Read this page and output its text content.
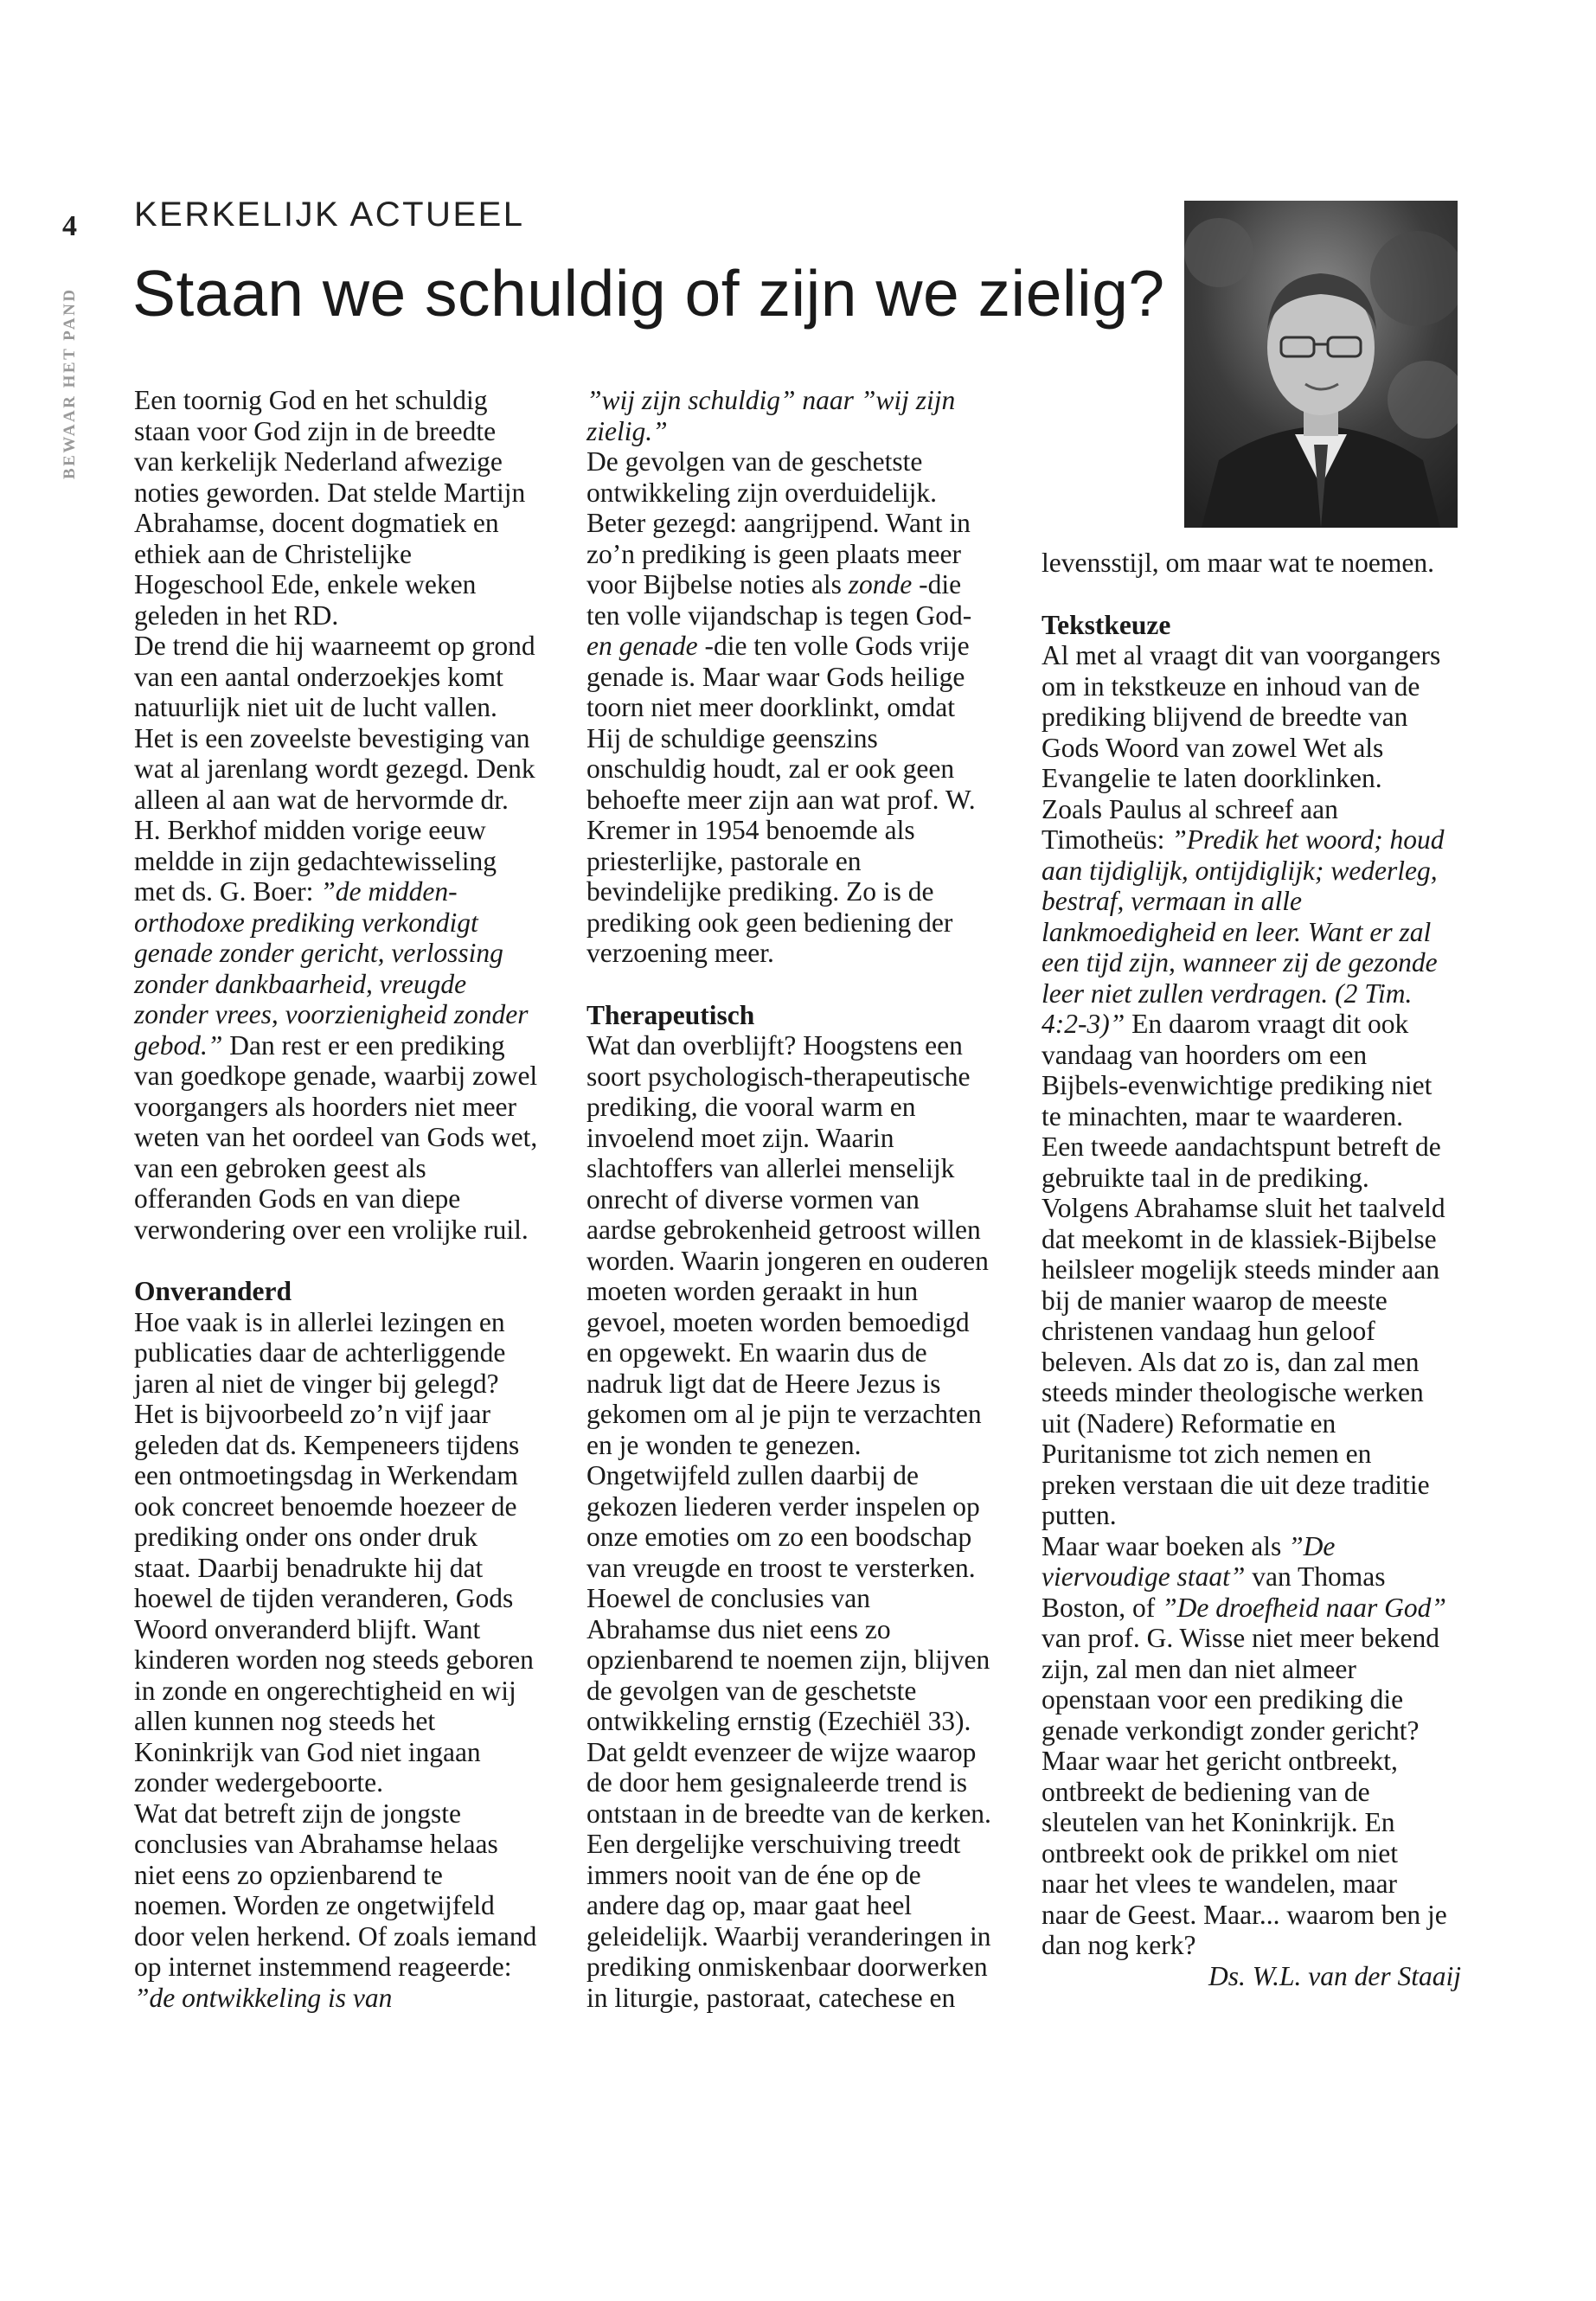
4
BEWAAR HET PAND
KERKELIJK ACTUEEL
Staan we schuldig of zijn we zielig?

Een toornig God en het schuldig staan voor God zijn in de breedte van kerkelijk Nederland afwezige noties geworden. Dat stelde Martijn Abrahamse, docent dogmatiek en ethiek aan de Christelijke Hogeschool Ede, enkele weken geleden in het RD.

De trend die hij waarneemt op grond van een aantal onderzoekjes komt natuurlijk niet uit de lucht vallen. Het is een zoveelste bevestiging van wat al jarenlang wordt gezegd. Denk alleen al aan wat de hervormde dr. H. Berkhof midden vorige eeuw meldde in zijn gedachtewisseling met ds. G. Boer: ”de midden-orthodoxe prediking verkondigt genade zonder gericht, verlossing zonder dankbaarheid, vreugde zonder vrees, voorzienigheid zonder gebod.” Dan rest er een prediking van goedkope genade, waarbij zowel voorgangers als hoorders niet meer weten van het oordeel van Gods wet, van een gebroken geest als offeranden Gods en van diepe verwondering over een vrolijke ruil.

Onveranderd

Hoe vaak is in allerlei lezingen en publicaties daar de achterliggende jaren al niet de vinger bij gelegd? Het is bijvoorbeeld zo’n vijf jaar geleden dat ds. Kempeneers tijdens een ontmoetingsdag in Werkendam ook concreet benoemde hoezeer de prediking onder ons onder druk staat. Daarbij benadrukte hij dat hoewel de tijden veranderen, Gods Woord onveranderd blijft. Want kinderen worden nog steeds geboren in zonde en ongerechtigheid en wij allen kunnen nog steeds het Koninkrijk van God niet ingaan zonder wedergeboorte.

Wat dat betreft zijn de jongste conclusies van Abrahamse helaas niet eens zo opzienbarend te noemen. Worden ze ongetwijfeld door velen herkend. Of zoals iemand op internet instemmend reageerde: ”de ontwikkeling is van

”wij zijn schuldig” naar ”wij zijn zielig.”

De gevolgen van de geschetste ontwikkeling zijn overduidelijk. Beter gezegd: aangrijpend. Want in zo’n prediking is geen plaats meer voor Bijbelse noties als zonde -die ten volle vijandschap is tegen God- en genade -die ten volle Gods vrije genade is. Maar waar Gods heilige toorn niet meer doorklinkt, omdat Hij de schuldige geenszins onschuldig houdt, zal er ook geen behoefte meer zijn aan wat prof. W. Kremer in 1954 benoemde als priesterlijke, pastorale en bevindelijke prediking. Zo is de prediking ook geen bediening der verzoening meer.

Therapeutisch

Wat dan overblijft? Hoogstens een soort psychologisch-therapeutische prediking, die vooral warm en invoelend moet zijn. Waarin slachtoffers van allerlei menselijk onrecht of diverse vormen van aardse gebrokenheid getroost willen worden. Waarin jongeren en ouderen moeten worden geraakt in hun gevoel, moeten worden bemoedigd en opgewekt. En waarin dus de nadruk ligt dat de Heere Jezus is gekomen om al je pijn te verzachten en je wonden te genezen. Ongetwijfeld zullen daarbij de gekozen liederen verder inspelen op onze emoties om zo een boodschap van vreugde en troost te versterken.

Hoewel de conclusies van Abrahamse dus niet eens zo opzienbarend te noemen zijn, blijven de gevolgen van de geschetste ontwikkeling ernstig (Ezechiël 33). Dat geldt evenzeer de wijze waarop de door hem gesignaleerde trend is ontstaan in de breedte van de kerken. Een dergelijke verschuiving treedt immers nooit van de éne op de andere dag op, maar gaat heel geleidelijk. Waarbij veranderingen in prediking onmiskenbaar doorwerken in liturgie, pastoraat, catechese en

levensstijl, om maar wat te noemen.

Tekstkeuze

Al met al vraagt dit van voorgangers om in tekstkeuze en inhoud van de prediking blijvend de breedte van Gods Woord van zowel Wet als Evangelie te laten doorklinken. Zoals Paulus al schreef aan Timotheüs: ”Predik het woord; houd aan tijdiglijk, ontijdiglijk; wederleg, bestraf, vermaan in alle lankmoedigheid en leer. Want er zal een tijd zijn, wanneer zij de gezonde leer niet zullen verdragen. (2 Tim. 4:2-3)” En daarom vraagt dit ook vandaag van hoorders om een Bijbels-evenwichtige prediking niet te minachten, maar te waarderen.

Een tweede aandachtspunt betreft de gebruikte taal in de prediking. Volgens Abrahamse sluit het taalveld dat meekomt in de klassiek-Bijbelse heilsleer mogelijk steeds minder aan bij de manier waarop de meeste christenen vandaag hun geloof beleven. Als dat zo is, dan zal men steeds minder theologische werken uit (Nadere) Reformatie en Puritanisme tot zich nemen en preken verstaan die uit deze traditie putten.

Maar waar boeken als ”De viervoudige staat” van Thomas Boston, of ”De droefheid naar God” van prof. G. Wisse niet meer bekend zijn, zal men dan niet almeer openstaan voor een prediking die genade verkondigt zonder gericht? Maar waar het gericht ontbreekt, ontbreekt de bediening van de sleutelen van het Koninkrijk. En ontbreekt ook de prikkel om niet naar het vlees te wandelen, maar naar de Geest. Maar... waarom ben je dan nog kerk?

Ds. W.L. van der Staaij
